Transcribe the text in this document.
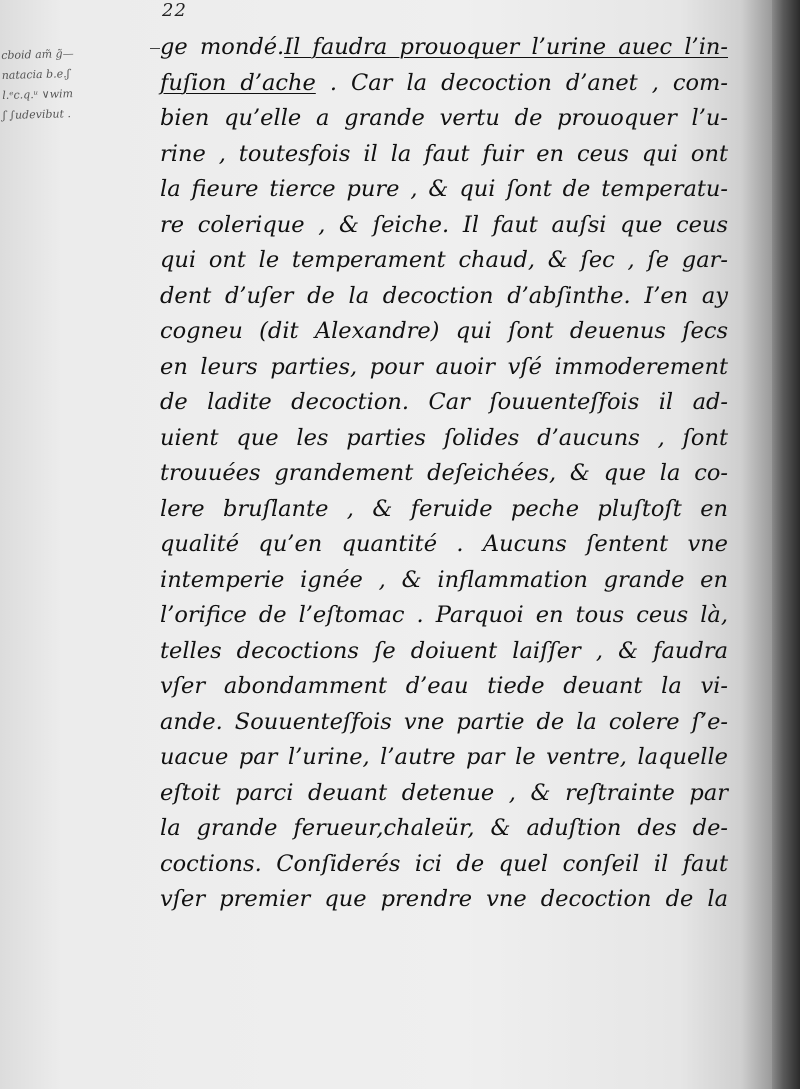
22
cboid am̃ g̃—
natacia b.e.ʃ
l.ᵉc.q.ᵘ ∨wim
ʃ ∫udevibut .
ge mondé.Il faudra prouoquer l’urine auec l’in-
fuſion d’ache . Car la decoction d’anet , com-
bien qu’elle a grande vertu de prouoquer l’u-
rine , toutesfois il la faut fuir en ceus qui ont
la fieure tierce pure , & qui ſont de temperatu-
re colerique , & ſeiche. Il faut auſsi que ceus
qui ont le temperament chaud, & ſec , ſe gar-
dent d’uſer de la decoction d’abſinthe. I’en ay
cogneu (dit Alexandre) qui ſont deuenus ſecs
en leurs parties, pour auoir vſé immoderement
de ladite decoction. Car ſouuenteſfois il ad-
uient que les parties ſolides d’aucuns , ſont
trouuées grandement deſeichées, & que la co-
lere bruſlante , & feruide peche pluſtoſt en
qualité qu’en quantité . Aucuns ſentent vne
intemperie ignée , & inflammation grande en
l’orifice de l’eſtomac . Parquoi en tous ceus là,
telles decoctions ſe doiuent laiſſer , & faudra
vſer abondamment d’eau tiede deuant la vi-
ande. Souuenteſfois vne partie de la colere ſ’e-
uacue par l’urine, l’autre par le ventre, laquelle
eſtoit parci deuant detenue , & reſtrainte par
la grande ferueur,chaleür, & aduſtion des de-
coctions. Conſiderés ici de quel conſeil il faut
vſer premier que prendre vne decoction de la
